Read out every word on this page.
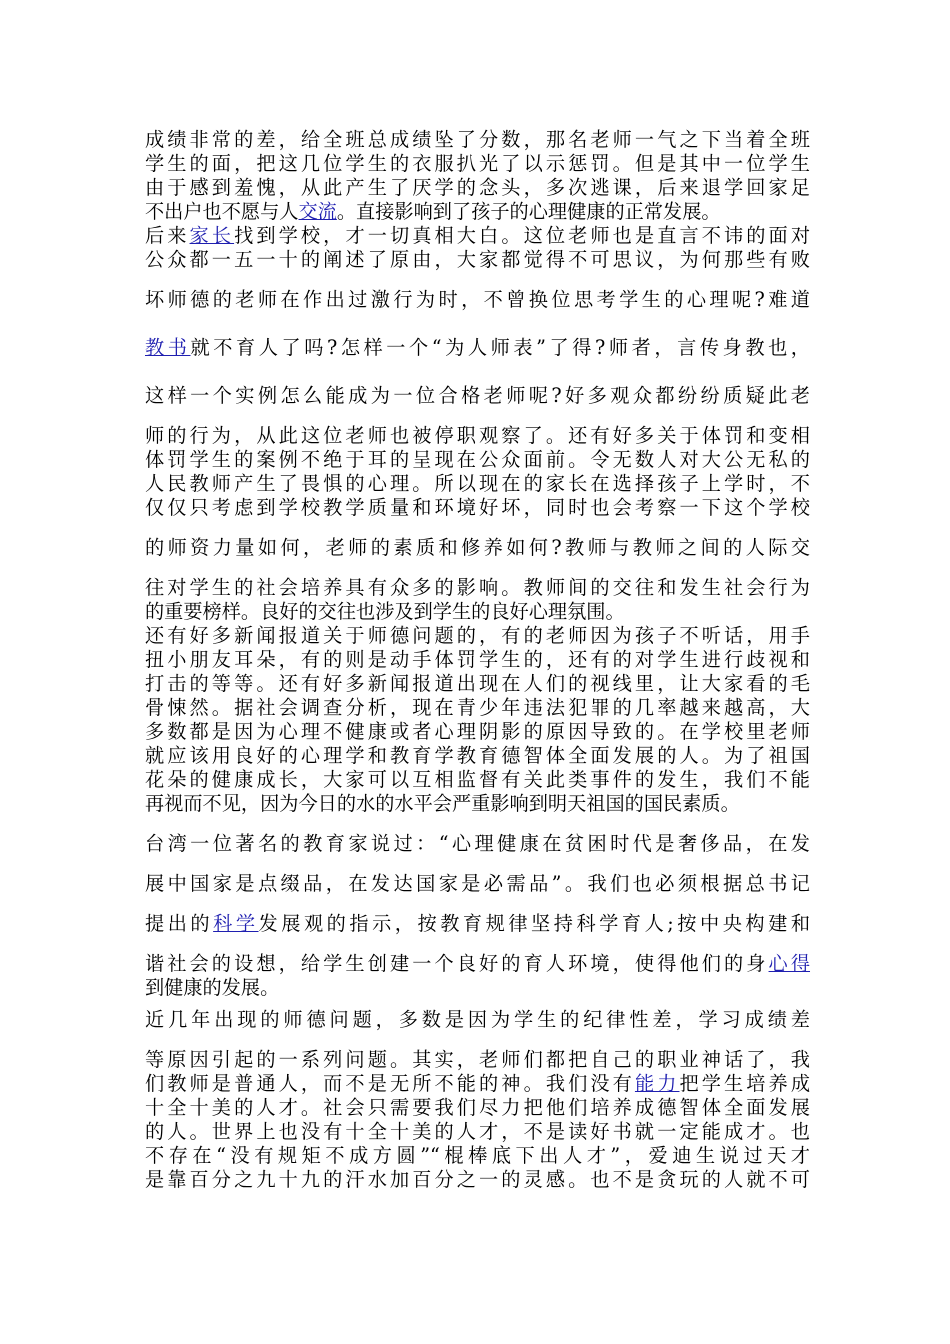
成绩非常的差，给全班总成绩坠了分数，那名老师一气之下当着全班
学生的面，把这几位学生的衣服扒光了以示惩罚。但是其中一位学生
由于感到羞愧，从此产生了厌学的念头，多次逃课，后来退学回家足
不出户也不愿与人交流。直接影响到了孩子的心理健康的正常发展。
后来家长找到学校，才一切真相大白。这位老师也是直言不讳的面对
公众都一五一十的阐述了原由，大家都觉得不可思议，为何那些有败
坏师德的老师在作出过激行为时，不曾换位思考学生的心理呢?难道
教书就不育人了吗?怎样一个“为人师表”了得?师者，言传身教也，
这样一个实例怎么能成为一位合格老师呢?好多观众都纷纷质疑此老
师的行为，从此这位老师也被停职观察了。还有好多关于体罚和变相
体罚学生的案例不绝于耳的呈现在公众面前。令无数人对大公无私的
人民教师产生了畏惧的心理。所以现在的家长在选择孩子上学时，不
仅仅只考虑到学校教学质量和环境好坏，同时也会考察一下这个学校
的师资力量如何，老师的素质和修养如何?教师与教师之间的人际交
往对学生的社会培养具有众多的影响。教师间的交往和发生社会行为
的重要榜样。良好的交往也涉及到学生的良好心理氛围。
还有好多新闻报道关于师德问题的，有的老师因为孩子不听话，用手
扭小朋友耳朵，有的则是动手体罚学生的，还有的对学生进行歧视和
打击的等等。还有好多新闻报道出现在人们的视线里，让大家看的毛
骨悚然。据社会调查分析，现在青少年违法犯罪的几率越来越高，大
多数都是因为心理不健康或者心理阴影的原因导致的。在学校里老师
就应该用良好的心理学和教育学教育德智体全面发展的人。为了祖国
花朵的健康成长，大家可以互相监督有关此类事件的发生，我们不能
再视而不见，因为今日的水的水平会严重影响到明天祖国的国民素质。
台湾一位著名的教育家说过：“心理健康在贫困时代是奢侈品，在发
展中国家是点缀品，在发达国家是必需品”。我们也必须根据总书记
提出的科学发展观的指示，按教育规律坚持科学育人;按中央构建和
谐社会的设想，给学生创建一个良好的育人环境，使得他们的身心得
到健康的发展。
近几年出现的师德问题，多数是因为学生的纪律性差，学习成绩差
等原因引起的一系列问题。其实，老师们都把自己的职业神话了，我
们教师是普通人，而不是无所不能的神。我们没有能力把学生培养成
十全十美的人才。社会只需要我们尽力把他们培养成德智体全面发展
的人。世界上也没有十全十美的人才，不是读好书就一定能成才。也
不存在“没有规矩不成方圆”“棍棒底下出人才”，爱迪生说过天才
是靠百分之九十九的汗水加百分之一的灵感。也不是贪玩的人就不可
